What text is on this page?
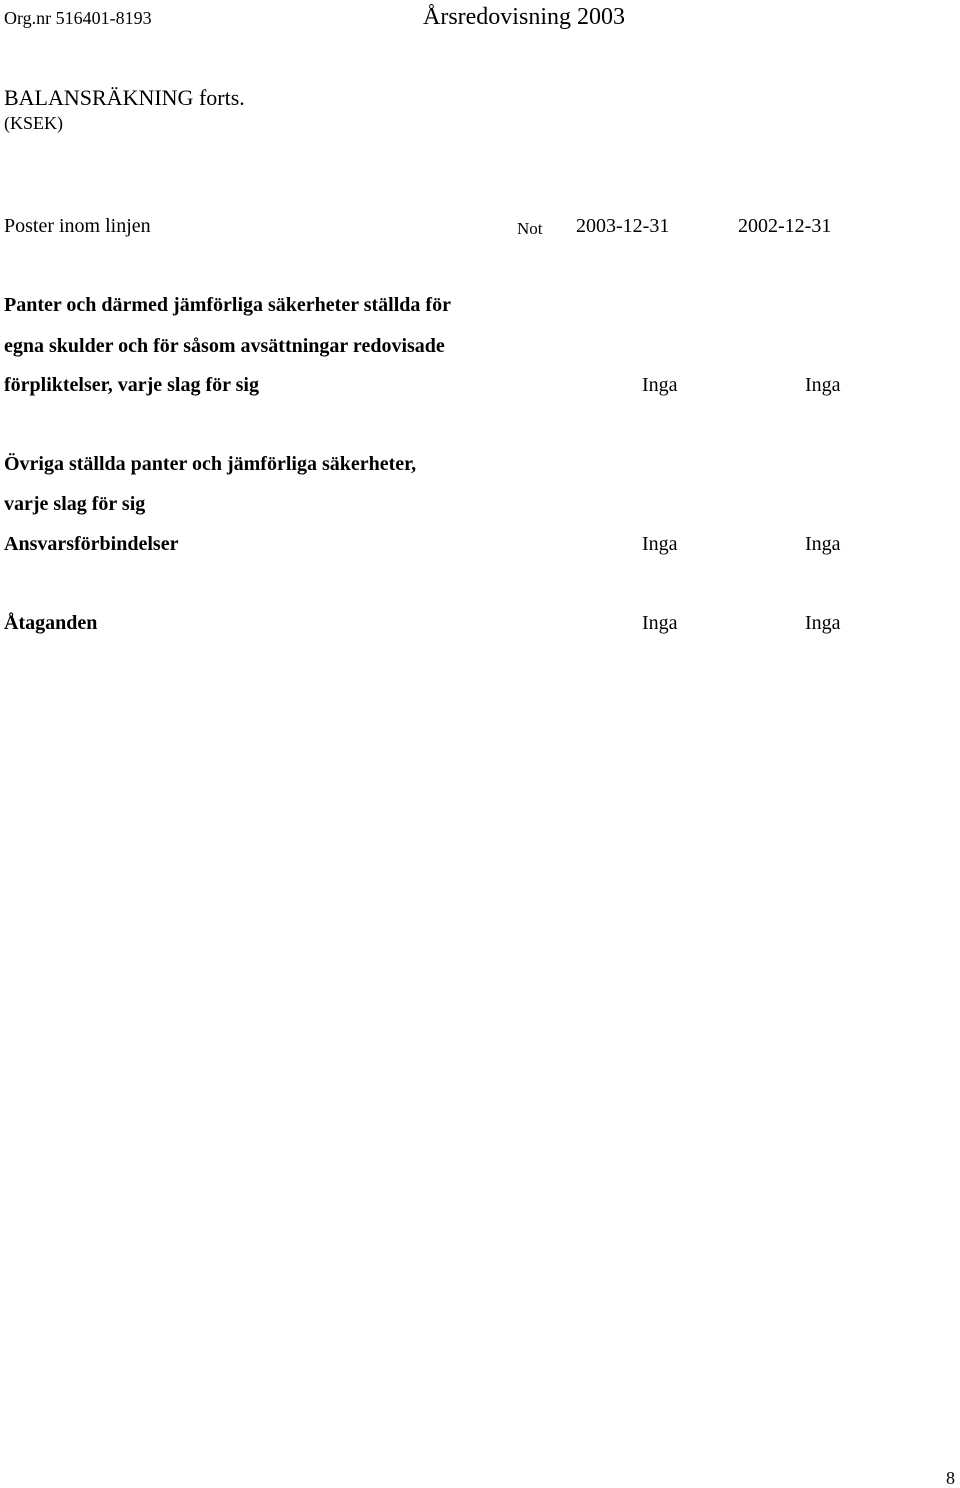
Org.nr 516401-8193	Årsredovisning 2003
BALANSRÄKNING forts.
(KSEK)
Poster inom linjen	Not 2003-12-31	2002-12-31
Panter och därmed jämförliga säkerheter ställda för
egna skulder och för såsom avsättningar redovisade
förpliktelser, varje slag för sig	Inga	Inga
Övriga ställda panter och jämförliga säkerheter,
varje slag för sig
Ansvarsförbindelser	Inga	Inga
Åtaganden	Inga	Inga
8
